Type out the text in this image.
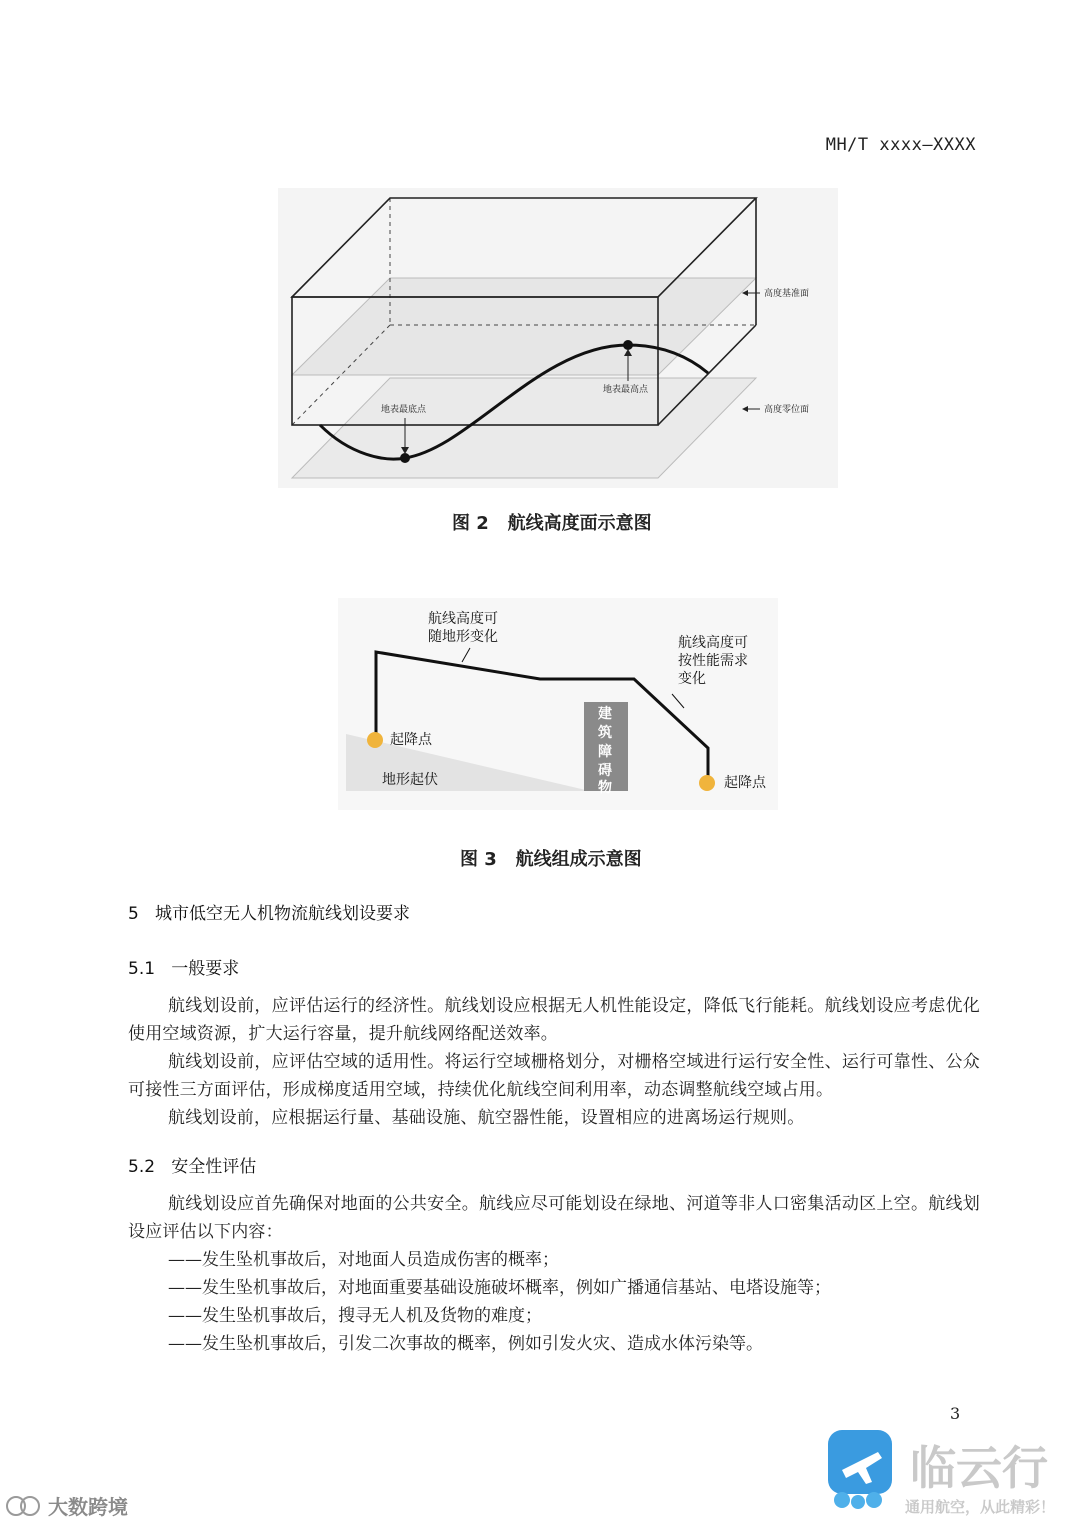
MH/T xxxx—XXXX
高度基准面
高度零位面
地表最高点
地表最底点
航线高度可
随地形变化	航线高度可
按性能需求
变化
起降点
起降点
地形起伏
建
筑
障
碍
物
大数跨境
临云行
通用航空，从此精彩！
图 2   航线高度面示意图
图 3   航线组成示意图
5   城市低空无人机物流航线划设要求
5.1   一般要求
航线划设前，应评估运行的经济性。航线划设应根据无人机性能设定，降低飞行能耗。航线划设应考虑优化使用空域资源，扩大运行容量，提升航线网络配送效率。
航线划设前，应评估空域的适用性。将运行空域栅格划分，对栅格空域进行运行安全性、运行可靠性、公众可接性三方面评估，形成梯度适用空域，持续优化航线空间利用率，动态调整航线空域占用。
航线划设前，应根据运行量、基础设施、航空器性能，设置相应的进离场运行规则。
5.2   安全性评估
航线划设应首先确保对地面的公共安全。航线应尽可能划设在绿地、河道等非人口密集活动区上空。航线划设应评估以下内容：
——发生坠机事故后，对地面人员造成伤害的概率；
——发生坠机事故后，对地面重要基础设施破坏概率，例如广播通信基站、电塔设施等；
——发生坠机事故后，搜寻无人机及货物的难度；
——发生坠机事故后，引发二次事故的概率，例如引发火灾、造成水体污染等。
3
